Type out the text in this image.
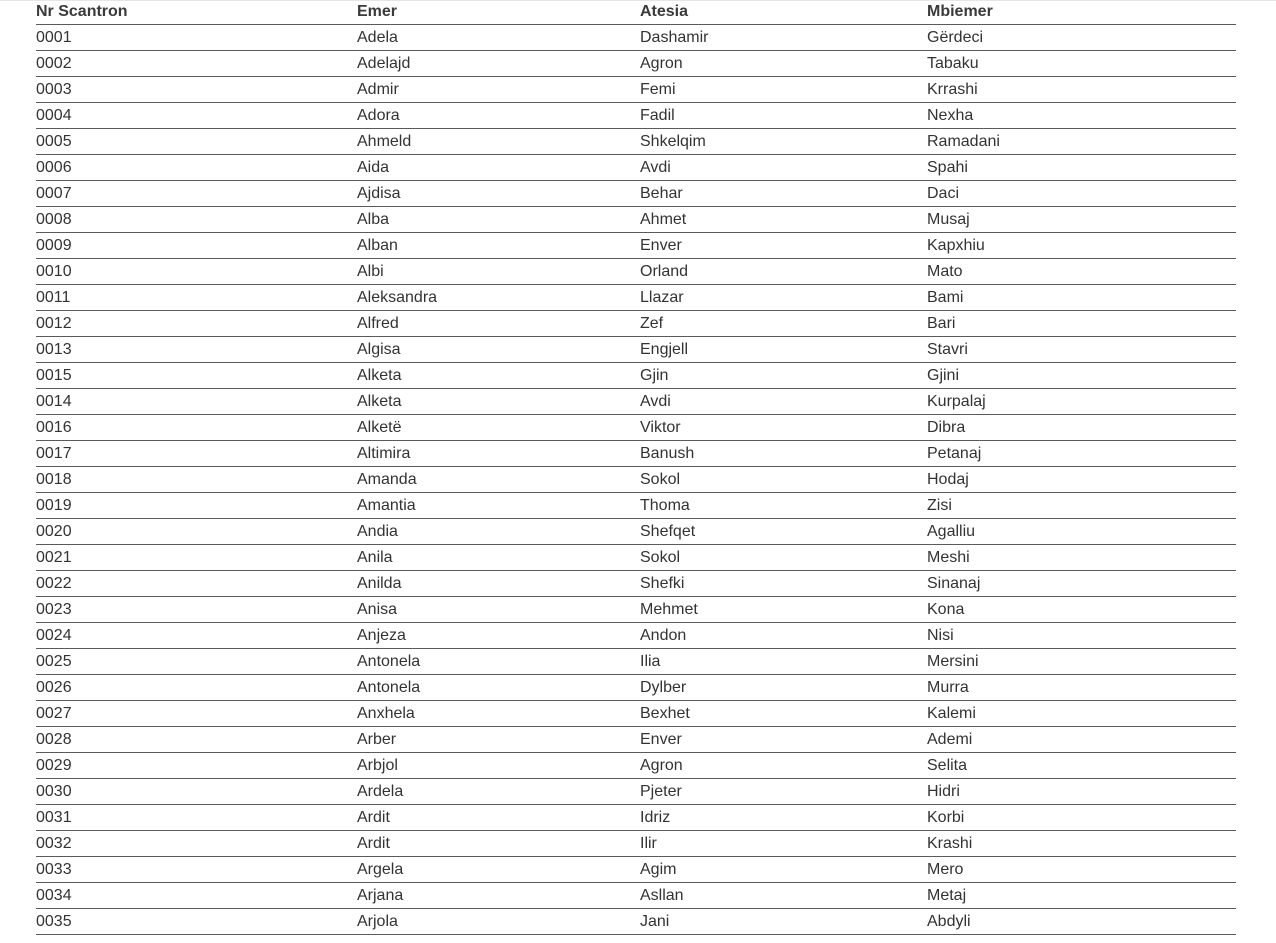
Nr Scantron	Emer	Atesia	Mbiemer
0001	Adela	Dashamir	Gërdeci
0002	Adelajd	Agron	Tabaku
0003	Admir	Femi	Krrashi
0004	Adora	Fadil	Nexha
0005	Ahmeld	Shkelqim	Ramadani
0006	Aida	Avdi	Spahi
0007	Ajdisa	Behar	Daci
0008	Alba	Ahmet	Musaj
0009	Alban	Enver	Kapxhiu
0010	Albi	Orland	Mato
0011	Aleksandra	Llazar	Bami
0012	Alfred	Zef	Bari
0013	Algisa	Engjell	Stavri
0015	Alketa	Gjin	Gjini
0014	Alketa	Avdi	Kurpalaj
0016	Alketë	Viktor	Dibra
0017	Altimira	Banush	Petanaj
0018	Amanda	Sokol	Hodaj
0019	Amantia	Thoma	Zisi
0020	Andia	Shefqet	Agalliu
0021	Anila	Sokol	Meshi
0022	Anilda	Shefki	Sinanaj
0023	Anisa	Mehmet	Kona
0024	Anjeza	Andon	Nisi
0025	Antonela	Ilia	Mersini
0026	Antonela	Dylber	Murra
0027	Anxhela	Bexhet	Kalemi
0028	Arber	Enver	Ademi
0029	Arbjol	Agron	Selita
0030	Ardela	Pjeter	Hidri
0031	Ardit	Idriz	Korbi
0032	Ardit	Ilir	Krashi
0033	Argela	Agim	Mero
0034	Arjana	Asllan	Metaj
0035	Arjola	Jani	Abdyli
